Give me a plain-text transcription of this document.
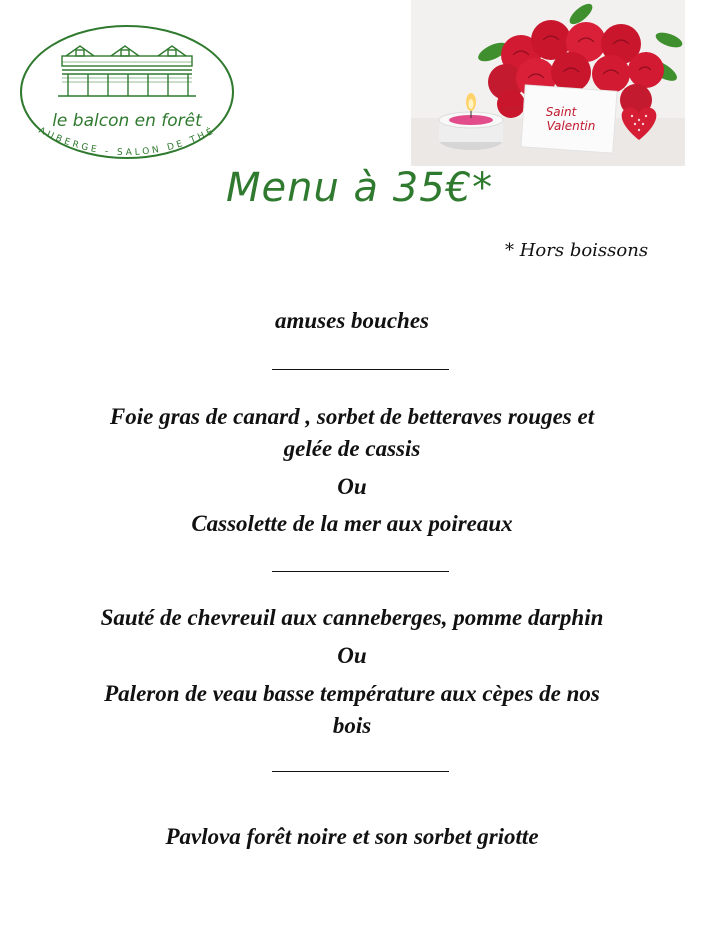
le balcon en forêt
AUBERGE - SALON DE THÉ
Saint
Valentin
Menu à 35€*
* Hors boissons
amuses bouches
Foie gras de canard , sorbet de betteraves rouges et
gelée de cassis
Ou
Cassolette de la mer aux poireaux
Sauté de chevreuil aux canneberges, pomme darphin
Ou
Paleron de veau basse température aux cèpes de nos
bois
Pavlova forêt noire et son sorbet griotte
